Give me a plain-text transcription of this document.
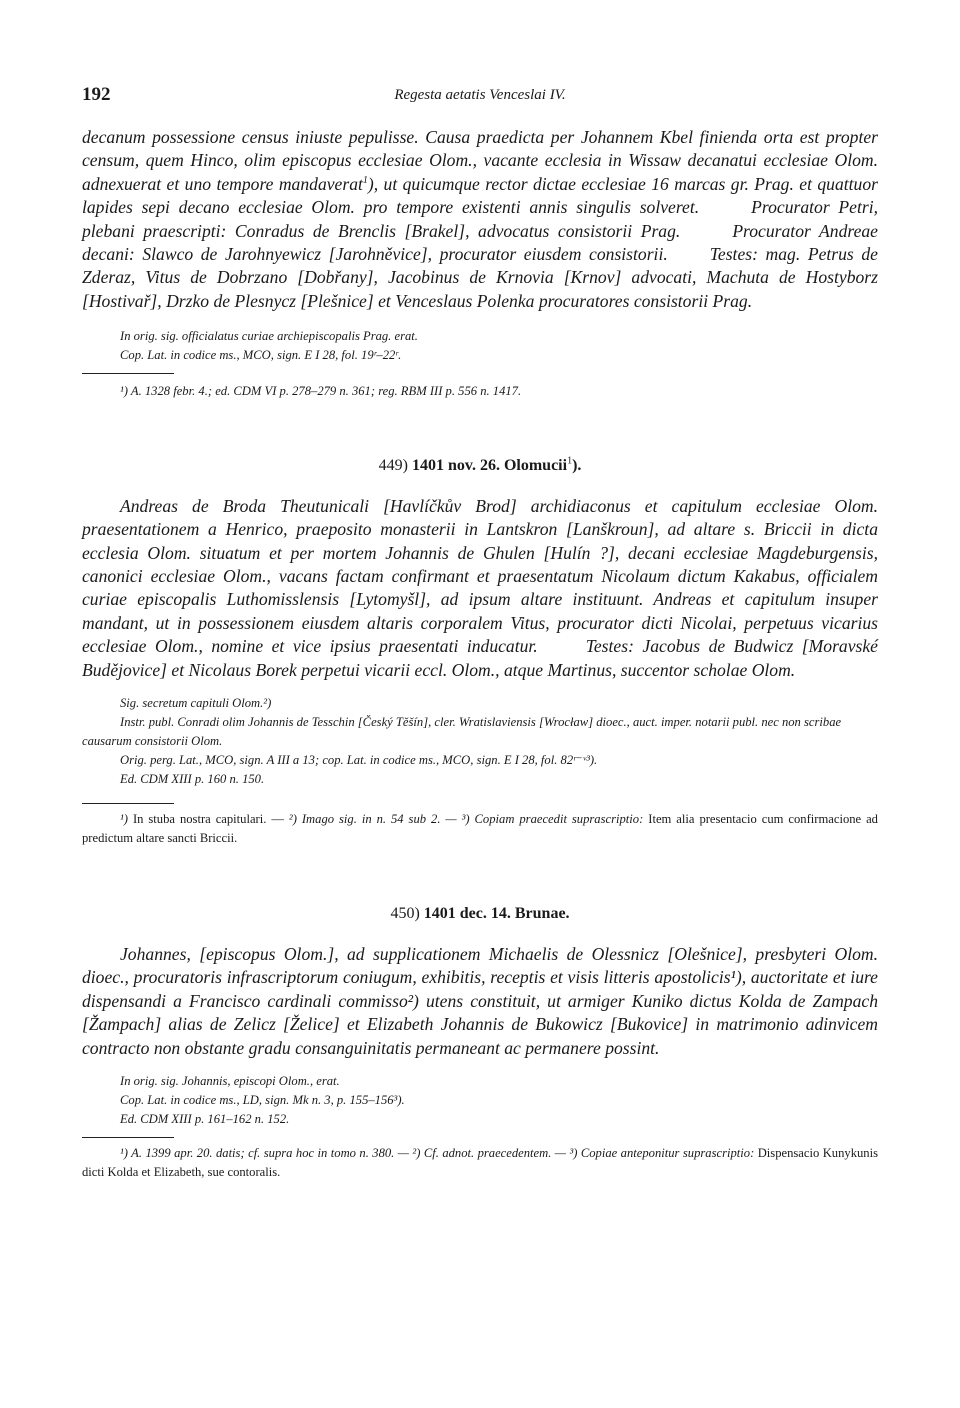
192	Regesta aetatis Venceslai IV.

decanum possessione census iniuste pepulisse. Causa praedicta per Johannem Kbel finienda orta est propter censum, quem Hinco, olim episcopus ecclesiae Olom., vacante ecclesia in Wissaw decanatui ecclesiae Olom. adnexuerat et uno tempore mandaverat$^1$), ut quicumque rector dictae ecclesiae 16 marcas gr. Prag. et quattuor lapides sepi decano ecclesiae Olom. pro tempore existenti annis singulis solveret.	Procurator Petri, plebani praescripti: Conradus de Brenclis [Brakel], advocatus consistorii Prag.	Procurator Andreae decani: Slawco de Jarohnyewicz [Jarohněvice], procurator eiusdem consistorii. Testes: mag. Petrus de Zderaz, Vitus de Dobrzano [Dobřany], Jacobinus de Krnovia [Krnov] advocati, Machuta de Hostyborz [Hostivař], Drzko de Plesnycz [Plešnice] et Venceslaus Polenka procuratores consistorii Prag.

In orig. sig. officialatus curiae archiepiscopalis Prag. erat.

Cop. Lat. in codice ms., MCO, sign. E I 28, fol. 19ʳ–22ʳ.

¹) A. 1328 febr. 4.; ed. CDM VI p. 278–279 n. 361; reg. RBM III p. 556 n. 1417.

449) 1401 nov. 26. Olomucii$^1$).

Andreas de Broda Theutunicali [Havlíčkův Brod] archidiaconus et capitulum ecclesiae Olom. praesentationem a Henrico, praeposito monasterii in Lantskron [Lanškroun], ad altare s. Briccii in dicta ecclesia Olom. situatum et per mortem Johannis de Ghulen [Hulín ?], decani ecclesiae Magdeburgensis, canonici ecclesiae Olom., vacans factam confirmant et praesentatum Nicolaum dictum Kakabus, officialem curiae episcopalis Luthomisslensis [Lytomyšl], ad ipsum altare instituunt. Andreas et capitulum insuper mandant, ut in possessionem eiusdem altaris corporalem Vitus, procurator dicti Nicolai, perpetuus vicarius ecclesiae Olom., nomine et vice ipsius praesentati inducatur.	Testes: Jacobus de Budwicz [Moravské Budějovice] et Nicolaus Borek perpetui vicarii eccl. Olom., atque Martinus, succentor scholae Olom.

Sig. secretum capituli Olom.²)

Instr. publ. Conradi olim Johannis de Tesschin [Český Těšín], cler. Wratislaviensis [Wrocław] dioec., auct. imper. notarii publ. nec non scribae causarum consistorii Olom.

Orig. perg. Lat., MCO, sign. A III a 13; cop. Lat. in codice ms., MCO, sign. E I 28, fol. 82ʳ⁻ᵛ³).

Ed. CDM XIII p. 160 n. 150.

¹) In stuba nostra capitulari. — ²) Imago sig. in n. 54 sub 2. — ³) Copiam praecedit suprascriptio: Item alia presentacio cum confirmacione ad predictum altare sancti Briccii.

450) 1401 dec. 14. Brunae.

Johannes, [episcopus Olom.], ad supplicationem Michaelis de Olessnicz [Olešnice], presbyteri Olom. dioec., procuratoris infrascriptorum coniugum, exhibitis, receptis et visis litteris apostolicis¹), auctoritate et iure dispensandi a Francisco cardinali commisso²) utens constituit, ut armiger Kuniko dictus Kolda de Zampach [Žampach] alias de Zelicz [Želice] et Elizabeth Johannis de Bukowicz [Bukovice] in matrimonio adinvicem contracto non obstante gradu consanguinitatis permaneant ac permanere possint.

In orig. sig. Johannis, episcopi Olom., erat.

Cop. Lat. in codice ms., LD, sign. Mk n. 3, p. 155–156³).

Ed. CDM XIII p. 161–162 n. 152.

¹) A. 1399 apr. 20. datis; cf. supra hoc in tomo n. 380. — ²) Cf. adnot. praecedentem. — ³) Copiae anteponitur suprascriptio: Dispensacio Kunykunis dicti Kolda et Elizabeth, sue contoralis.
